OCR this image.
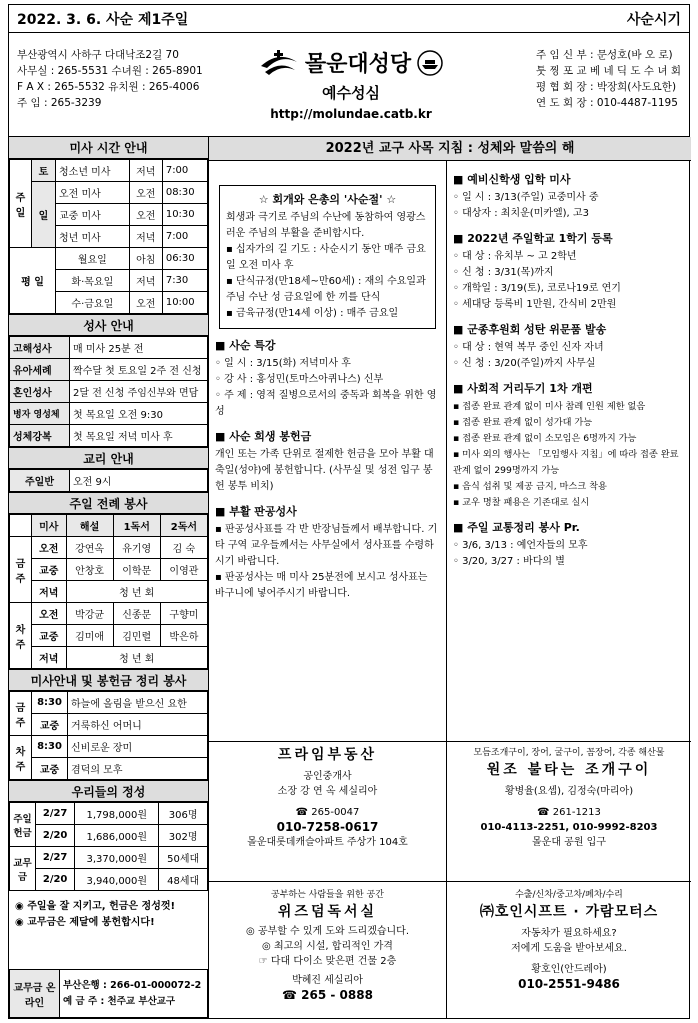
2022. 3. 6. 사순 제1주일	사순시기
부산광역시 사하구 다대낙조2길 70
사무실 : 265-5531 수녀원 : 265-8901
F A X : 265-5532 유치원 : 265-4006
주 임 : 265-3239
몰운대성당
예수성심
http://molundae.catb.kr
주 임 신 부 : 문성호(바 오 로)
툿 찡 포 교 베 네 딕 도 수 녀 회
평 협 회 장 : 박장희(사도요한)
연 도 회 장 : 010-4487-1195
미사 시간 안내
주일	토	청소년 미사	저녁	7:00
	일	오전 미사	오전	08:30
		교중 미사	오전	10:30
		청년 미사	저녁	7:00
평 일		월요일	아침	06:30
		화·목요일	저녁	7:30
		수·금요일	오전	10:00
성사 안내
고해성사	매 미사 25분 전
유아세례	짝수달 첫 토요일 2주 전 신청
혼인성사	2달 전 신청 주임신부와 면담
병자 영성체	첫 목요일 오전 9:30
성체강복	첫 목요일 저녁 미사 후
교리 안내
주일반	오전 9시
주일 전례 봉사
	미사	해설	1독서	2독서
금주	오전	강연옥	유기영	김 숙
	교중	안창호	이학문	이영관
	저녁	청 년 회		
차주	오전	박강균	신종문	구향미
	교중	김미애	김민렬	박은하
	저녁	청 년 회		
미사안내 및 봉헌금 정리 봉사
금주	8:30	하늘에 올림을 받으신 요한
	교중	거룩하신 어머니
차주	8:30	신비로운 장미
	교중	겸덕의 모후
우리들의 정성
주일헌금	2/27	1,798,000원	306명
	2/20	1,686,000원	302명
교무금	2/27	3,370,000원	50세대
	2/20	3,940,000원	48세대
◉ 주일을 잘 지키고, 헌금은 정성껏!
◉ 교무금은 제달에 봉헌합시다!
교무금 온라인	
부산은행 : 266-01-000072-2
예 금 주 : 천주교 부산교구
2022년 교구 사목 지침 : 성체와 말씀의 해
☆ 회개와 은총의 '사순절' ☆
희생과 극기로 주님의 수난에 동참하여 영광스러운 주님의 부활을 준비합시다.
▪ 십자가의 길 기도 : 사순시기 동안 매주 금요일 오전 미사 후
▪ 단식규정(만18세~만60세) : 재의 수요일과 주님 수난 성 금요일에 한 끼를 단식
▪ 금육규정(만14세 이상) : 매주 금요일
■ 사순 특강
◦ 일 시 : 3/15(화) 저녁미사 후
◦ 강 사 : 홍성민(토마스아퀴나스) 신부
◦ 주 제 : 영적 질병으로서의 중독과 회복을 위한 영성
■ 사순 희생 봉헌금
개인 또는 가족 단위로 절제한 헌금을 모아 부활 대축일(성야)에 봉헌합니다. (사무실 및 성전 입구 봉헌 봉투 비치)
■ 부활 판공성사
▪ 판공성사표를 각 반 반장님들께서 배부합니다. 기타 구역 교우들께서는 사무실에서 성사표를 수령하시기 바랍니다.
▪ 판공성사는 매 미사 25분전에 보시고 성사표는 바구니에 넣어주시기 바랍니다.
■ 예비신학생 입학 미사
◦ 일 시 : 3/13(주일) 교중미사 중
◦ 대상자 : 최치운(미카엘), 고3
■ 2022년 주일학교 1학기 등록
◦ 대 상 : 유치부 ~ 고 2학년
◦ 신 청 : 3/31(목)까지
◦ 개학일 : 3/19(토), 코로나19로 연기
◦ 세대당 등록비 1만원, 간식비 2만원
■ 군종후원회 성탄 위문품 발송
◦ 대 상 : 현역 복무 중인 신자 자녀
◦ 신 청 : 3/20(주일)까지 사무실
■ 사회적 거리두기 1차 개편
▪ 접종 완료 관계 없이 미사 참례 인원 제한 없음
▪ 접종 완료 관계 없이 성가대 가능
▪ 접종 완료 관계 없이 소모임은 6명까지 가능
▪ 미사 외의 행사는 「모임행사 지침」에 따라 접종 완료 관계 없이 299명까지 가능
▪ 음식 섭취 및 제공 금지, 마스크 착용
▪ 교우 명찰 패용은 기존대로 실시
■ 주일 교통정리 봉사 Pr.
◦ 3/6, 3/13 : 예언자들의 모후
◦ 3/20, 3/27 : 바다의 별
프라임부동산
공인중개사
소장 강 연 옥 세실리아
☎ 265-0047
010-7258-0617
몰운대롯데캐슬아파트 주상가 104호
모듬조개구이, 장어, 굴구이, 꼼장어, 각종 해산물
원조 불타는 조개구이
황병율(요셉), 김정숙(마리아)
☎ 261-1213
010-4113-2251, 010-9992-8203
몰운대 공원 입구
공부하는 사람들을 위한 공간
위즈덤독서실
◎ 공부할 수 있게 도와 드리겠습니다.
◎ 최고의 시설, 합리적인 가격
☞ 다대 다이소 맞은편 건물 2층
박혜진 세실리아
☎ 265 - 0888
수출/신차/중고차/폐차/수리
㈜호인시프트 · 가람모터스
자동차가 필요하세요?
저에게 도움을 받아보세요.
황호인(안드레아)
010-2551-9486
